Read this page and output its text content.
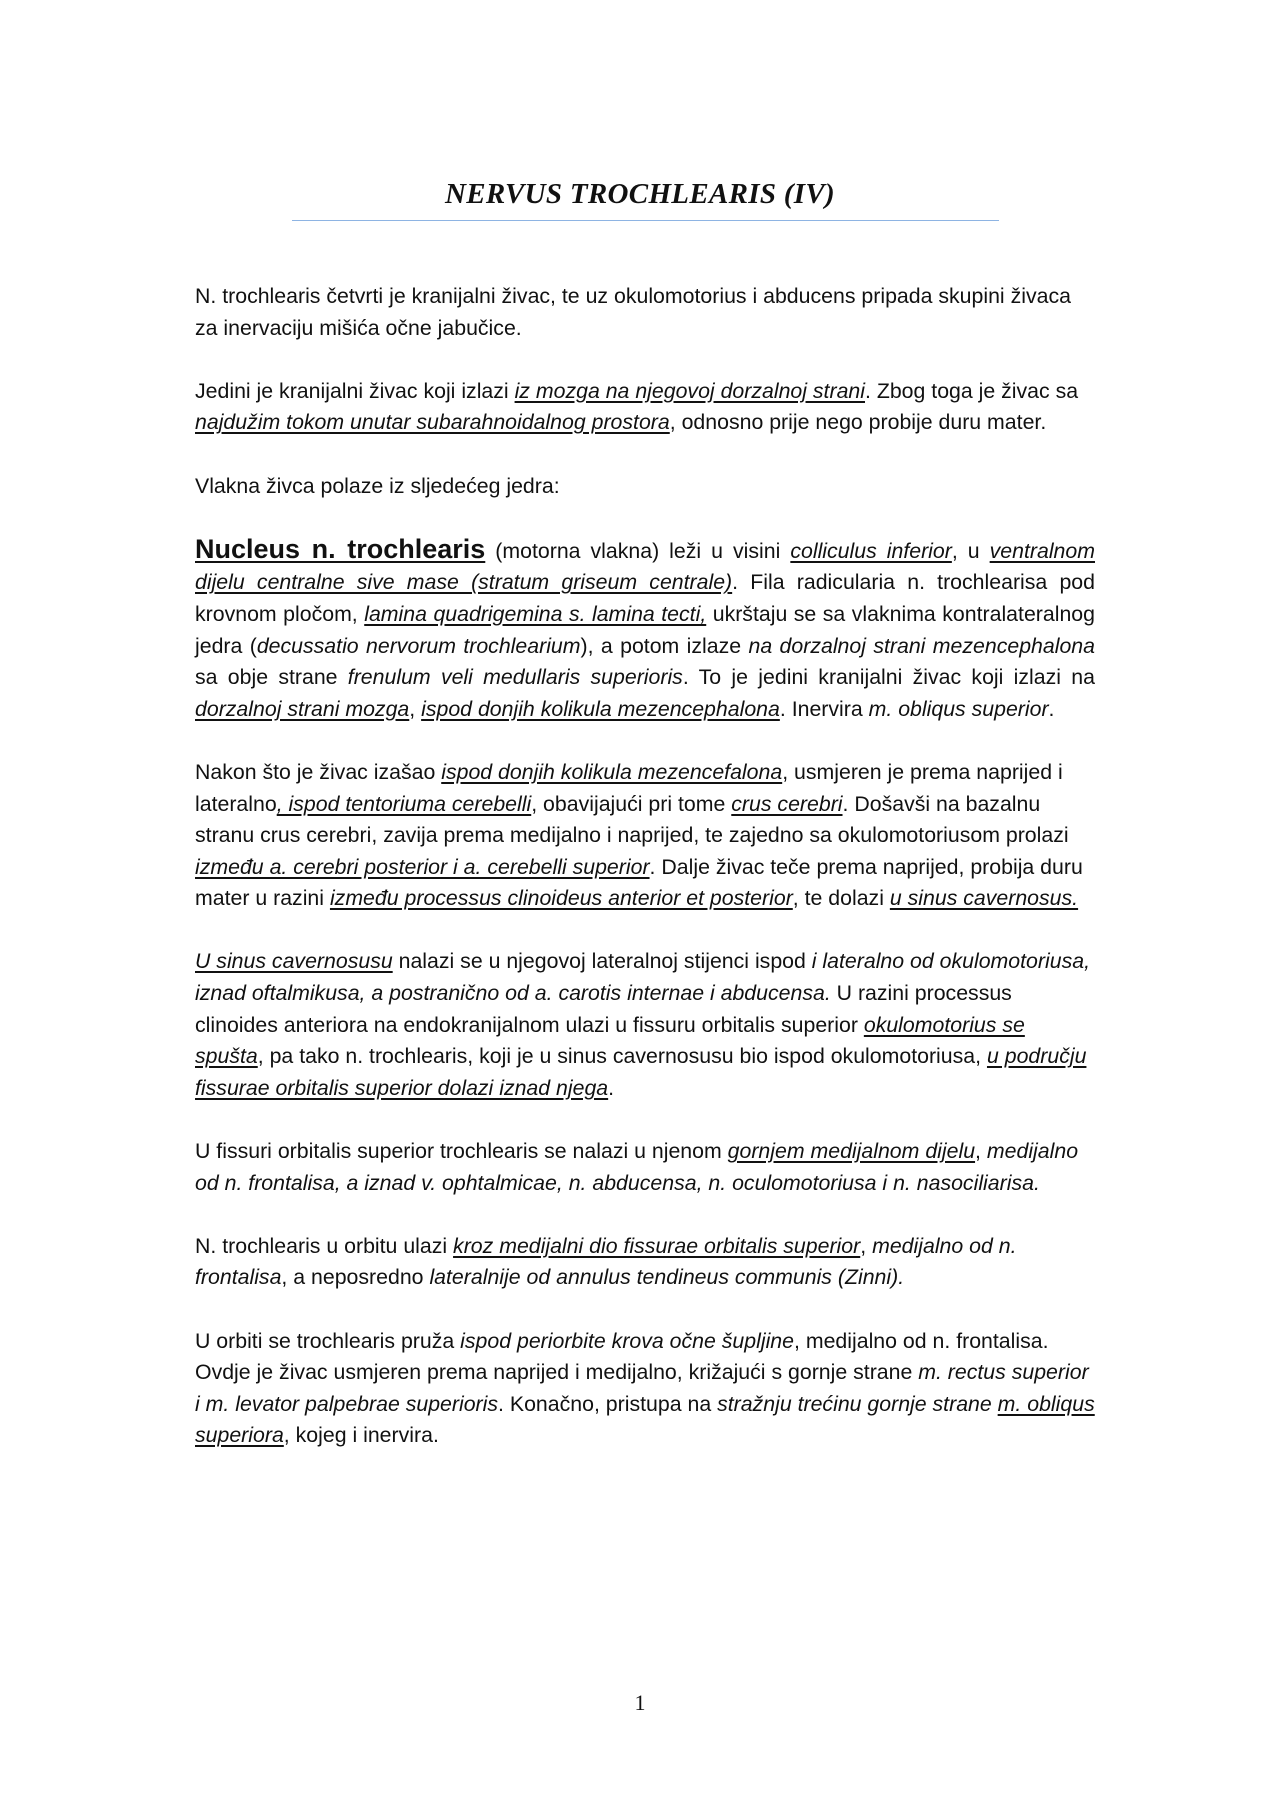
NERVUS TROCHLEARIS (IV)

N. trochlearis četvrti je kranijalni živac, te uz okulomotorius i abducens pripada skupini živaca za inervaciju mišića očne jabučice.

Jedini je kranijalni živac koji izlazi iz mozga na njegovoj dorzalnoj strani. Zbog toga je živac sa najdužim tokom unutar subarahnoidalnog prostora, odnosno prije nego probije duru mater.

Vlakna živca polaze iz sljedećeg jedra:

Nucleus n. trochlearis (motorna vlakna) leži u visini colliculus inferior, u ventralnom dijelu centralne sive mase (stratum griseum centrale). Fila radicularia n. trochlearisa pod krovnom pločom, lamina quadrigemina s. lamina tecti, ukrštaju se sa vlaknima kontralateralnog jedra (decussatio nervorum trochlearium), a potom izlaze na dorzalnoj strani mezencephalona sa obje strane frenulum veli medullaris superioris. To je jedini kranijalni živac koji izlazi na dorzalnoj strani mozga, ispod donjih kolikula mezencephalona. Inervira m. obliqus superior.

Nakon što je živac izašao ispod donjih kolikula mezencefalona, usmjeren je prema naprijed i lateralno, ispod tentoriuma cerebelli, obavijajući pri tome crus cerebri. Došavši na bazalnu stranu crus cerebri, zavija prema medijalno i naprijed, te zajedno sa okulomotoriusom prolazi između a. cerebri posterior i a. cerebelli superior. Dalje živac teče prema naprijed, probija duru mater u razini između processus clinoideus anterior et posterior, te dolazi u sinus cavernosus.

U sinus cavernosusu nalazi se u njegovoj lateralnoj stijenci ispod i lateralno od okulomotoriusa, iznad oftalmikusa, a postranično od a. carotis internae i abducensa. U razini processus clinoides anteriora na endokranijalnom ulazi u fissuru orbitalis superior okulomotorius se spušta, pa tako n. trochlearis, koji je u sinus cavernosusu bio ispod okulomotoriusa, u području fissurae orbitalis superior dolazi iznad njega.

U fissuri orbitalis superior trochlearis se nalazi u njenom gornjem medijalnom dijelu, medijalno od n. frontalisa, a iznad v. ophtalmicae, n. abducensa, n. oculomotoriusa i n. nasociliarisa.

N. trochlearis u orbitu ulazi kroz medijalni dio fissurae orbitalis superior, medijalno od n. frontalisa, a neposredno lateralnije od annulus tendineus communis (Zinni).

U orbiti se trochlearis pruža ispod periorbite krova očne šupljine, medijalno od n. frontalisa. Ovdje je živac usmjeren prema naprijed i medijalno, križajući s gornje strane m. rectus superior i m. levator palpebrae superioris. Konačno, pristupa na stražnju trećinu gornje strane m. obliqus superiora, kojeg i inervira.

1
